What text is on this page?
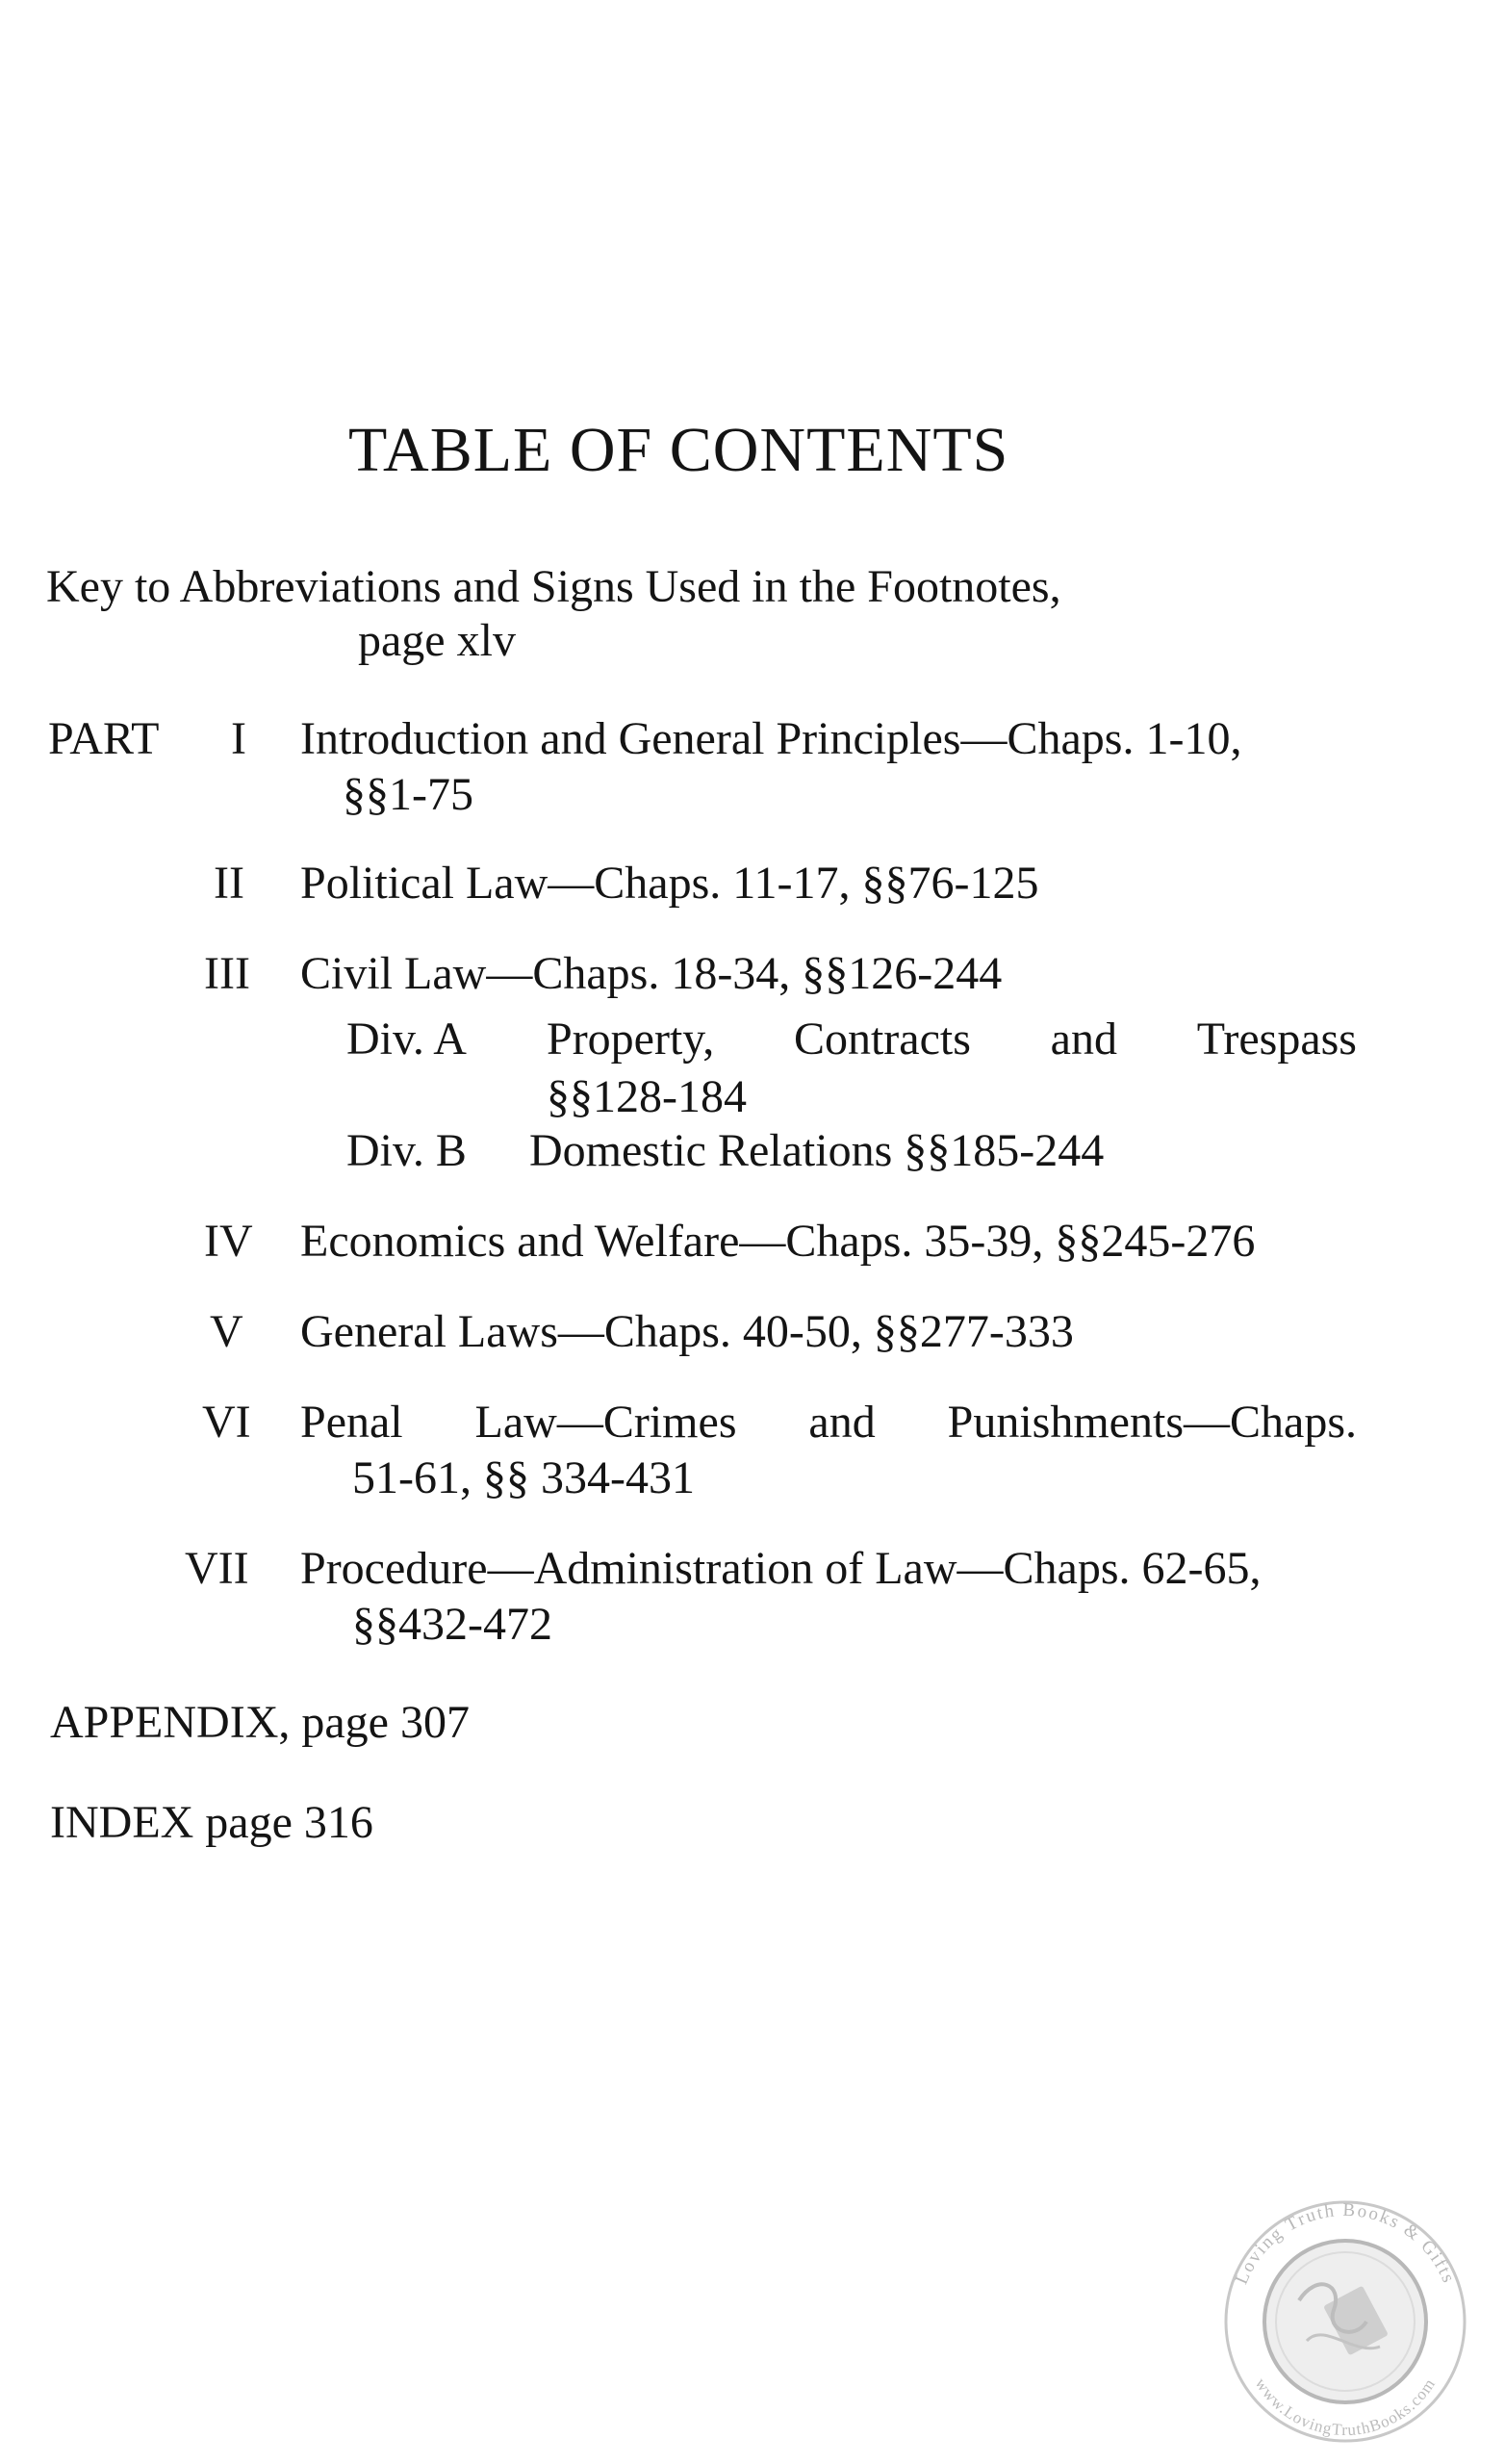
TABLE OF CONTENTS
Key to Abbreviations and Signs Used in the Footnotes,
page xlv
PART I Introduction and General Principles—Chaps. 1-10,
§§1-75
II Political Law—Chaps. 11-17, §§76-125
III Civil Law—Chaps. 18-34, §§126-244
Div. A Property, Contracts and Trespass
§§128-184
Div. B Domestic Relations §§185-244
IV Economics and Welfare—Chaps. 35-39, §§245-276
V General Laws—Chaps. 40-50, §§277-333
VI Penal Law—Crimes and Punishments—Chaps.
51-61, §§ 334-431
VII Procedure—Administration of Law—Chaps. 62-65,
§§432-472
APPENDIX, page 307
INDEX page 316
Loving Truth Books & Gifts
www.LovingTruthBooks.com
